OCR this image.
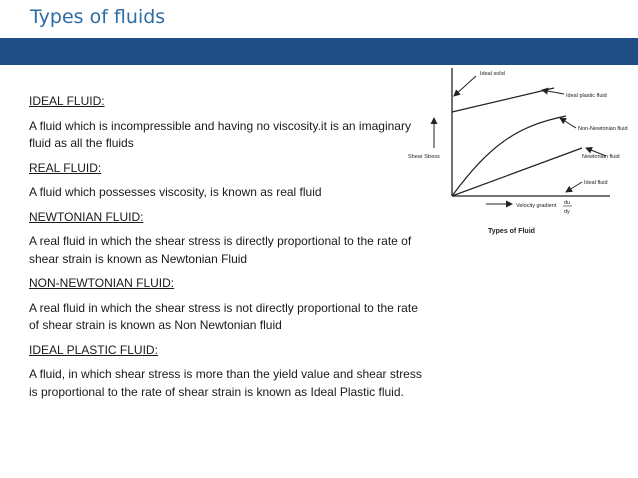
Types of fluids
IDEAL FLUID:
A fluid which is incompressible and having no viscosity.it is an imaginary fluid as all the fluids
REAL FLUID:
A fluid which possesses viscosity, is known as real fluid
NEWTONIAN FLUID:
A real fluid in which the shear stress is directly proportional to the rate of shear strain is known as Newtonian Fluid
NON-NEWTONIAN FLUID:
A real fluid in which the shear stress is not directly proportional to the rate of shear strain is known as Non Newtonian fluid
IDEAL PLASTIC FLUID:
A fluid, in which shear stress is more than the yield value and shear stress is proportional to the rate of shear strain is known as Ideal Plastic fluid.
Ideal solid
Ideal plastic fluid
Non-Newtonian fluid
Newtonian fluid
Ideal fluid
Shear Stress
Velocity gradient du
dy
Types of Fluid
